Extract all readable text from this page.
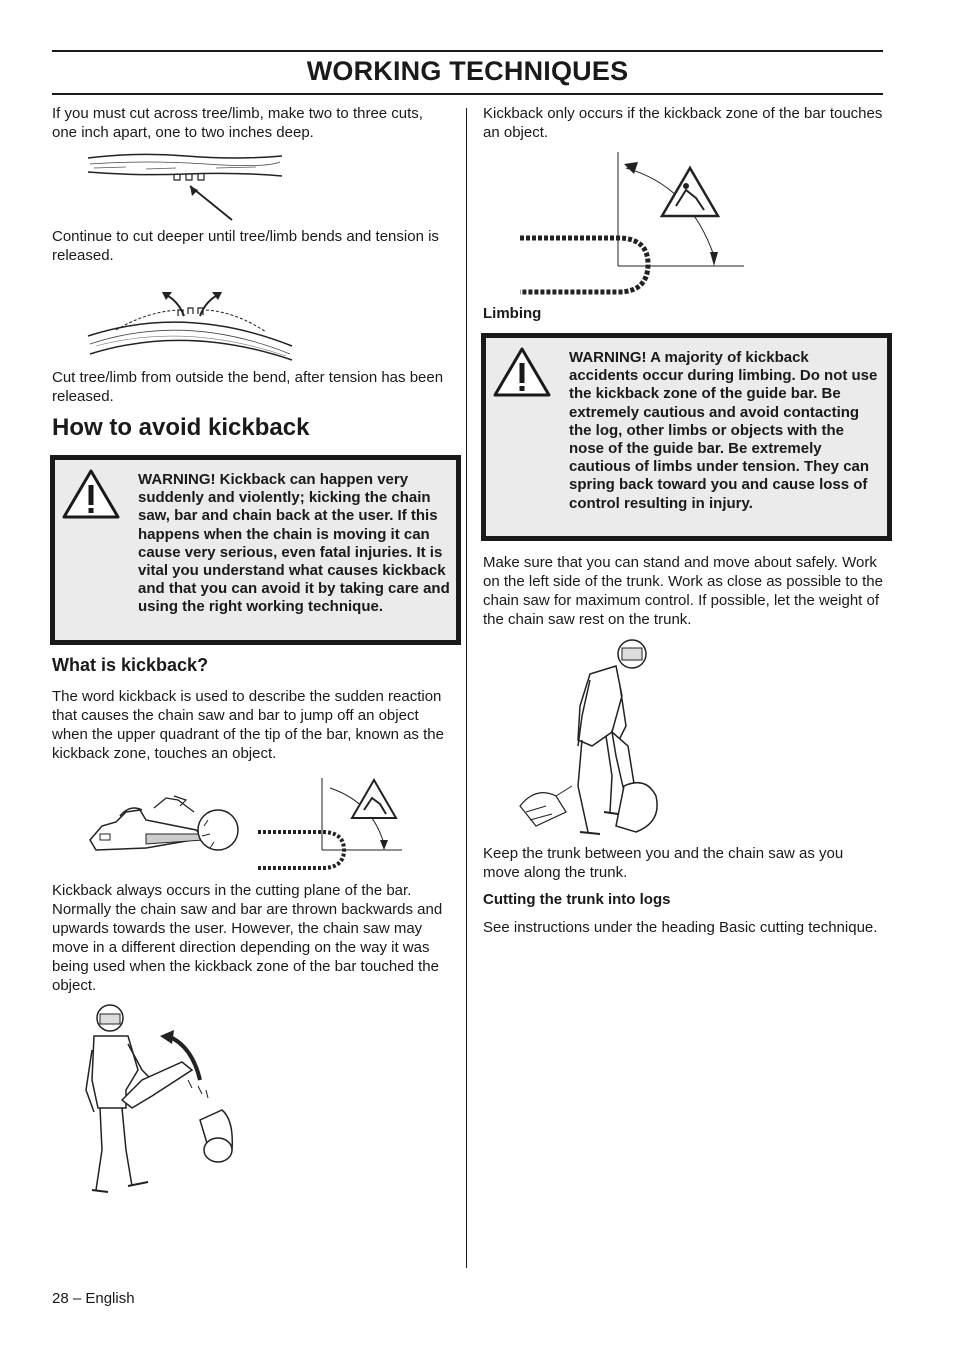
WORKING TECHNIQUES
If you must cut across tree/limb, make two to three cuts, one inch apart, one to two inches deep.
Continue to cut deeper until tree/limb bends and tension is released.
Cut tree/limb from outside the bend, after tension has been released.
How to avoid kickback
WARNING! Kickback can happen very suddenly and violently; kicking the chain saw, bar and chain back at the user. If this happens when the chain is moving it can cause very serious, even fatal injuries. It is vital you understand what causes kickback and that you can avoid it by taking care and using the right working technique.
What is kickback?
The word kickback is used to describe the sudden reaction that causes the chain saw and bar to jump off an object when the upper quadrant of the tip of the bar, known as the kickback zone, touches an object.
Kickback always occurs in the cutting plane of the bar. Normally the chain saw and bar are thrown backwards and upwards towards the user. However, the chain saw may move in a different direction depending on the way it was being used when the kickback zone of the bar touched the object.
28 – English
Kickback only occurs if the kickback zone of the bar touches an object.
Limbing
WARNING! A majority of kickback accidents occur during limbing. Do not use the kickback zone of the guide bar. Be extremely cautious and avoid contacting the log, other limbs or objects with the nose of the guide bar. Be extremely cautious of limbs under tension. They can spring back toward you and cause loss of control resulting in injury.
Make sure that you can stand and move about safely. Work on the left side of the trunk. Work as close as possible to the chain saw for maximum control. If possible, let the weight of the chain saw rest on the trunk.
Keep the trunk between you and the chain saw as you move along the trunk.
Cutting the trunk into logs
See instructions under the heading Basic cutting technique.
